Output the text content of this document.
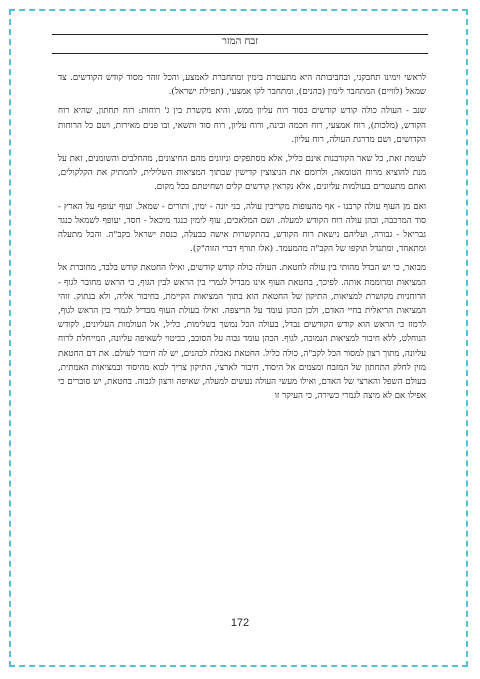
זבח המזר

לראשי וימינו תחבקני, ובחביבותה היא מתעטרת בימין ומתחברת לאמצע, והכל זוהר מסוד קודש הקודשים. צד שמאל (לוויים) המתחבר לימין (כהנים), ומתחבר לקו אמצעי, (תפילת ישראל).

שנב - העולה כולה קודש קודשים בסוד רוח עליון ממש, והיא מקשרת בין ג' רוחות: רוח תחתון, שהיא רוח הקודש, (מלכות), רוח אמצעי, רוח חכמה ובינה, ורוח עליון, רוח סוד ותשאי, ובו פנים מאירות, ושם כל הרוחות הקדושים, ושם מדרגת העולה, רוח עליון.

לעומת זאת, כל שאר הקורבנות אינם כליל, אלא מסתפקים וניזונים מהם החיצונים, מהחלבים והשומנים, זאת על מנת להוציא מרוח הטומאה, ולרומם את הניצוצין קדישין שבתוך המציאות השלילית, להמתיק את הקלקולים, ואתם מתעטרים בעולמות עליונים, אלא נקראין קודשים קלים ושחיטתם בכל מקום.

ואם מן העוף עולה קרבנו - אף מהעופות מקריבין עולה, בני יונה - ימין, ותורים - שמאל. ועוף יעופף על הארץ - סוד המרכבה, ובהן עולה רוח הקודש למעלה. ושם המלאכים, עוף לימין כנגד מיכאל - חסד, יעופף לשמאל כנגד גבריאל - גבורה, ועליהם נישאת רוח הקודש, בהתקשרות אישה בבעלה, כנסת ישראל בקב"ה. והכל מתעלה ומתאחד, ומתגדל תוקפו של הקב"ה מהמעמד. (אלו תורף דברי הזוה"ק).

מבואר, כי יש הבדל מהותי בין עולה לחטאת. העולה כולה קודש קודשים, ואילו החטאת קודש בלבד, מחוברת אל המציאות ומרוממת אותה. לפיכך, בחטאת העוף אינו מבדיל לגמרי בין הראש לבין הגוף, כי הראש מחובר לגוף - הרוחניות מקושרת למציאות, התיקון של החטאת הוא בתוך המציאות הקיימת, בחיבור אליה, ולא בנתוק. זוהי המציאות הריאלית בחיי האדם, ולכן הכהן עומד על הריצפה. ואילו בעולת העוף מבדיל לגמרי בין הראש לגוף, לרמוז כי הראש הוא קודש הקודשים נבדל, בעולה הכל נמשך בשלימות, כליל, אל העולמות העליונים, לקודש הנוחלט, ללא חיבור למציאות הנמוכה, לגוף. הכהן עומד גבוה על הסובב, כביטוי לשאיפה עליונה, המייחלת לרוח עליונה, מתוך רצון למסור הכל לקב"ה, כולה כליל. החטאת נאכלת לכהנים, יש לה חיבור לעולם. את דם החטאת מזין לחלק התחתון של המזבח ומצמים אל היסוד, חיבור לארצי, התיקון צריך לבוא מהיסוד ובמציאות האמתית, בעולם השפל והארצי של האדם, ואילו מעשי העולה נעשים למעלה, שאיפה ורצון לגבוה. בחטאת, יש סוברים כי אפילו אם לא מיצה לגמרי כשירה, כי העיקר זו

172
